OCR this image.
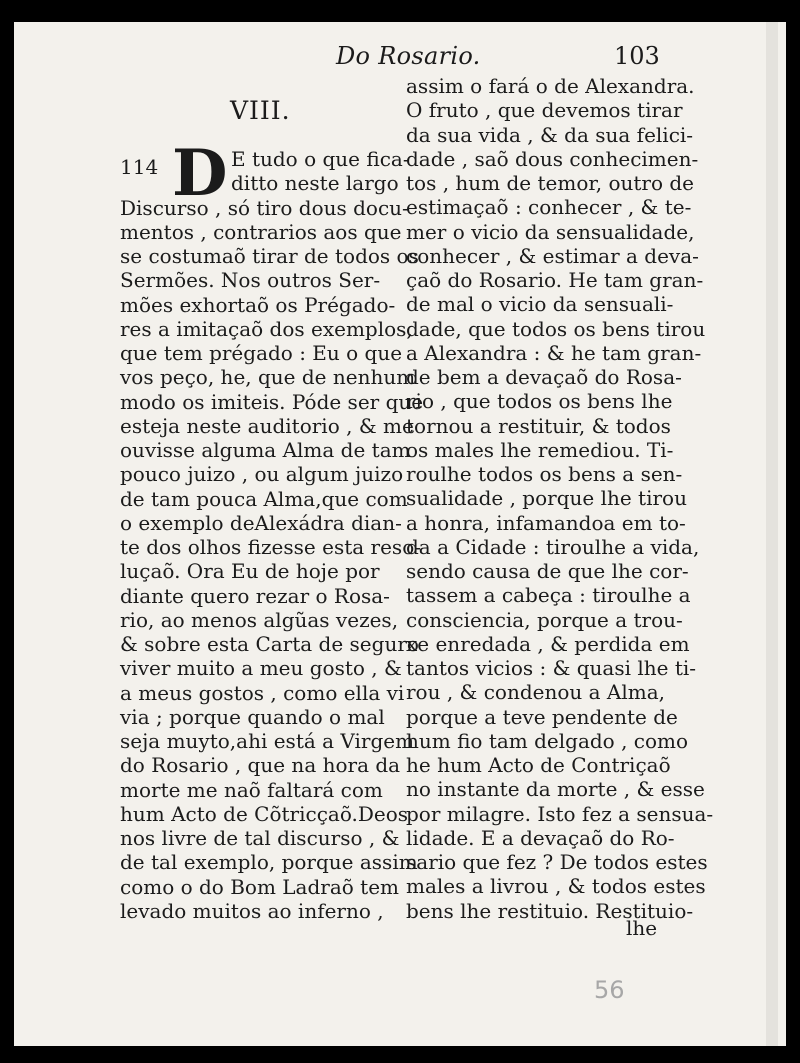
Do Rosario.	103
VIII.
114 D E tudo o que fica-
ditto neste largo
Discurso , só tiro dous docu-
mentos , contrarios aos que
se costumaõ tirar de todos os
Sermões. Nos outros Ser-
mões exhortaõ os Prégado-
res a imitaçaõ dos exemplos,
que tem prégado : Eu o que
vos peço, he, que de nenhum
modo os imiteis. Póde ser que
esteja neste auditorio , & me
ouvisse alguma Alma de tam
pouco juizo , ou algum juizo
de tam pouca Alma,que com
o exemplo deAlexádra dian-
te dos olhos fizesse esta reso-
luçaõ. Ora Eu de hoje por
diante quero rezar o Rosa-
rio, ao menos algũas vezes,
& sobre esta Carta de seguro
viver muito a meu gosto , &
a meus gostos , como ella vi
via ; porque quando o mal
seja muyto,ahi está a Virgem
do Rosario , que na hora da
morte me naõ faltará com
hum Acto de Cõtricçaõ.Deos
nos livre de tal discurso , &
de tal exemplo, porque assim
como o do Bom Ladraõ tem
levado muitos ao inferno ,
assim o fará o de Alexandra.
O fruto , que devemos tirar
da sua vida , & da sua felici-
dade , saõ dous conhecimen-
tos , hum de temor, outro de
estimaçaõ : conhecer , & te-
mer o vicio da sensualidade,
conhecer , & estimar a deva-
çaõ do Rosario. He tam gran-
de mal o vicio da sensuali-
dade, que todos os bens tirou
a Alexandra : & he tam gran-
de bem a devaçaõ do Rosa-
rio , que todos os bens lhe
tornou a restituir, & todos
os males lhe remediou. Ti-
roulhe todos os bens a sen-
sualidade , porque lhe tirou
a honra, infamandoa em to-
da a Cidade : tiroulhe a vida,
sendo causa de que lhe cor-
tassem a cabeça : tiroulhe a
consciencia, porque a trou-
xe enredada , & perdida em
tantos vicios : & quasi lhe ti-
rou , & condenou a Alma,
porque a teve pendente de
hum fio tam delgado , como
he hum Acto de Contriçaõ
no instante da morte , & esse
por milagre. Isto fez a sensua-
lidade. E a devaçaõ do Ro-
sario que fez ? De todos estes
males a livrou , & todos estes
bens lhe restituio. Restituio-
lhe
56
